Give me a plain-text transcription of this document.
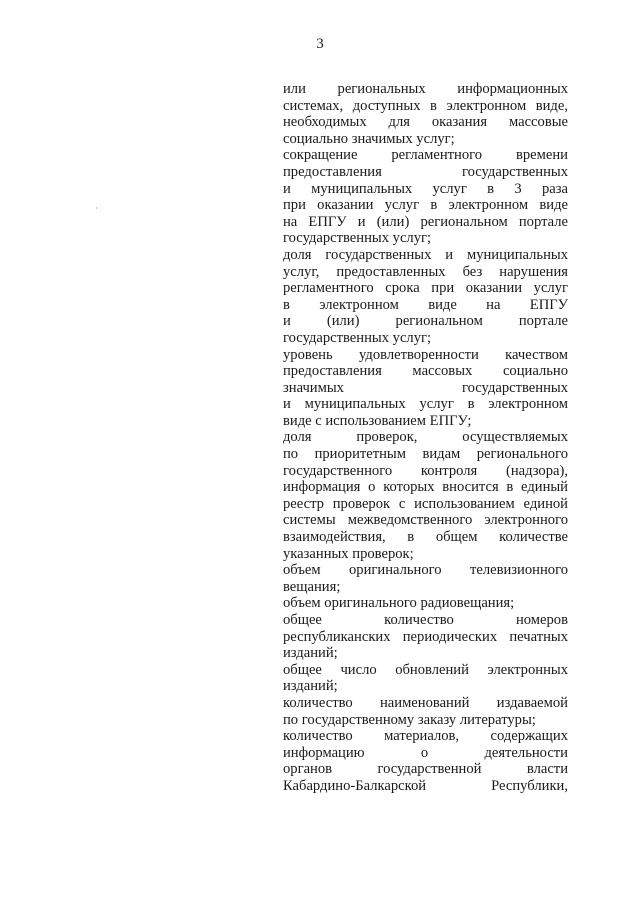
3
или региональных информационных
системах, доступных в электронном виде,
необходимых для оказания массовые
социально значимых услуг;
сокращение регламентного времени
предоставления государственных
и муниципальных услуг в 3 раза
при оказании услуг в электронном виде
на ЕПГУ и (или) региональном портале
государственных услуг;
доля государственных и муниципальных
услуг, предоставленных без нарушения
регламентного срока при оказании услуг
в электронном виде на ЕПГУ
и (или) региональном портале
государственных услуг;
уровень удовлетворенности качеством
предоставления массовых социально
значимых государственных
и муниципальных услуг в электронном
виде с использованием ЕПГУ;
доля проверок, осуществляемых
по приоритетным видам регионального
государственного контроля (надзора),
информация о которых вносится в единый
реестр проверок с использованием единой
системы межведомственного электронного
взаимодействия, в общем количестве
указанных проверок;
объем оригинального телевизионного
вещания;
объем оригинального радиовещания;
общее количество номеров
республиканских периодических печатных
изданий;
общее число обновлений электронных
изданий;
количество наименований издаваемой
по государственному заказу литературы;
количество материалов, содержащих
информацию о деятельности
органов государственной власти
Кабардино-Балкарской Республики,
